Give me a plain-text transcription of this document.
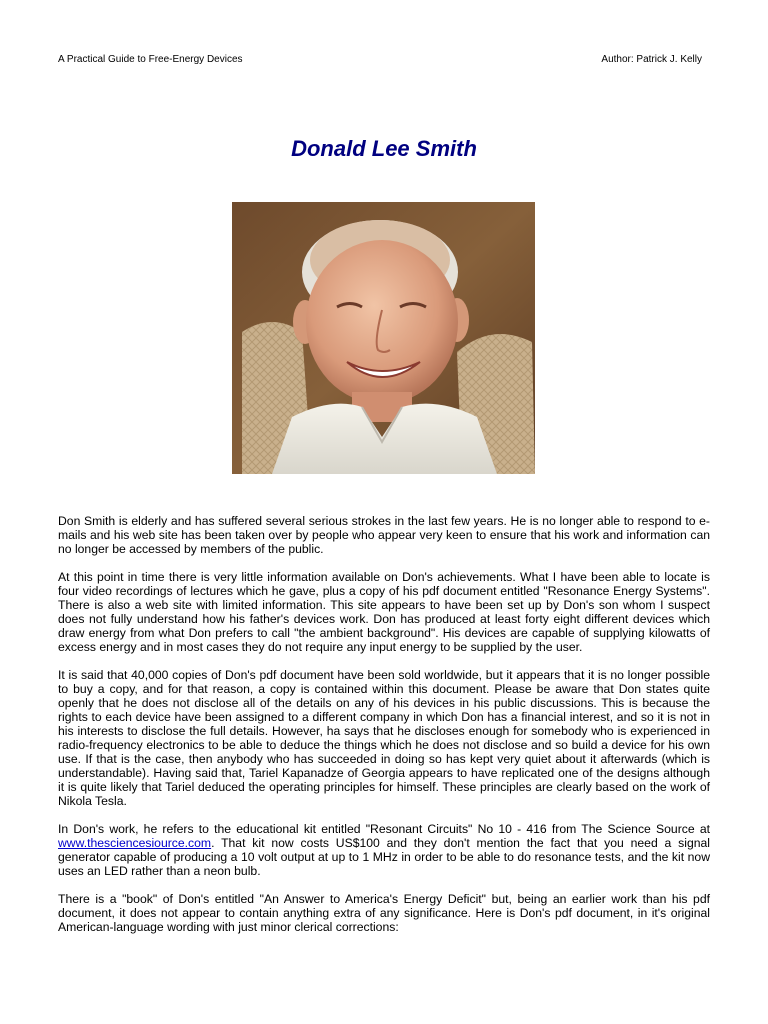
A Practical Guide to Free-Energy Devices	Author: Patrick J. Kelly
Donald Lee Smith

Don Smith is elderly and has suffered several serious strokes in the last few years. He is no longer able to respond to e-mails and his web site has been taken over by people who appear very keen to ensure that his work and information can no longer be accessed by members of the public.

At this point in time there is very little information available on Don's achievements. What I have been able to locate is four video recordings of lectures which he gave, plus a copy of his pdf document entitled "Resonance Energy Systems". There is also a web site with limited information. This site appears to have been set up by Don's son whom I suspect does not fully understand how his father's devices work. Don has produced at least forty eight different devices which draw energy from what Don prefers to call "the ambient background". His devices are capable of supplying kilowatts of excess energy and in most cases they do not require any input energy to be supplied by the user.

It is said that 40,000 copies of Don's pdf document have been sold worldwide, but it appears that it is no longer possible to buy a copy, and for that reason, a copy is contained within this document. Please be aware that Don states quite openly that he does not disclose all of the details on any of his devices in his public discussions. This is because the rights to each device have been assigned to a different company in which Don has a financial interest, and so it is not in his interests to disclose the full details. However, ha says that he discloses enough for somebody who is experienced in radio-frequency electronics to be able to deduce the things which he does not disclose and so build a device for his own use. If that is the case, then anybody who has succeeded in doing so has kept very quiet about it afterwards (which is understandable). Having said that, Tariel Kapanadze of Georgia appears to have replicated one of the designs although it is quite likely that Tariel deduced the operating principles for himself. These principles are clearly based on the work of Nikola Tesla.

In Don's work, he refers to the educational kit entitled "Resonant Circuits" No 10 - 416 from The Science Source at www.thesciencesiource.com. That kit now costs US$100 and they don't mention the fact that you need a signal generator capable of producing a 10 volt output at up to 1 MHz in order to be able to do resonance tests, and the kit now uses an LED rather than a neon bulb.

There is a "book" of Don's entitled "An Answer to America's Energy Deficit" but, being an earlier work than his pdf document, it does not appear to contain anything extra of any significance. Here is Don's pdf document, in it's original American-language wording with just minor clerical corrections:
